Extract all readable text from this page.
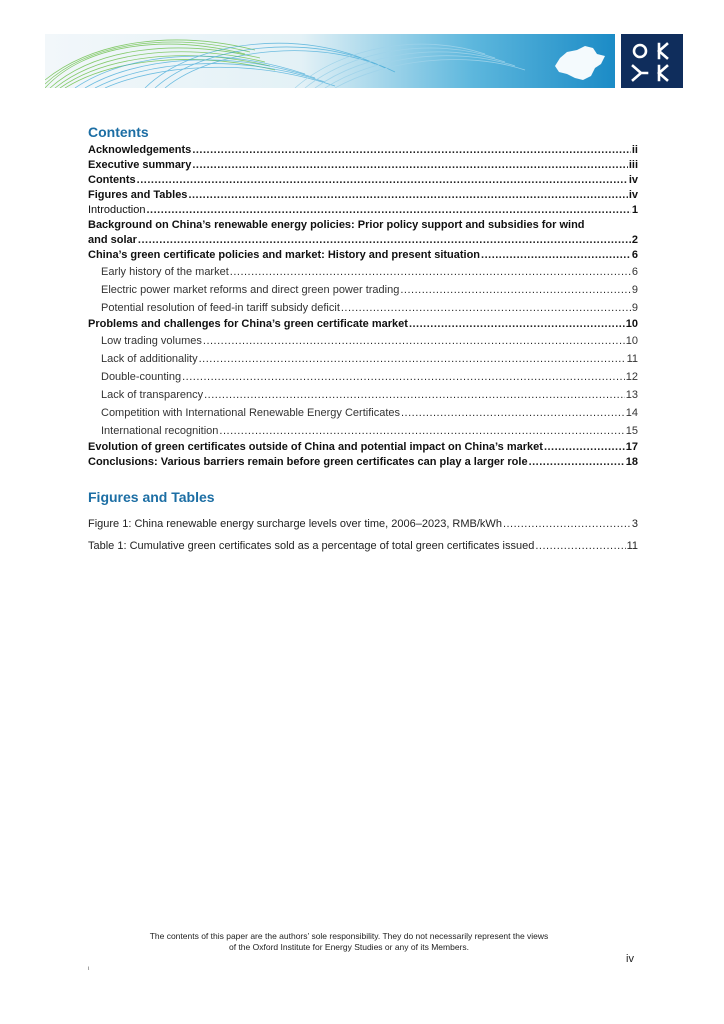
Contents
Acknowledgements .....	ii
Executive summary .....	iii
Contents .....	iv
Figures and Tables .....	iv
Introduction .....	1
Background on China’s renewable energy policies: Prior policy support and subsidies for wind
and solar .....	2
China’s green certificate policies and market: History and present situation .....	6
Early history of the market .....	6
Electric power market reforms and direct green power trading .....	9
Potential resolution of feed-in tariff subsidy deficit .....	9
Problems and challenges for China’s green certificate market .....	10
Low trading volumes .....	10
Lack of additionality .....	11
Double-counting .....	12
Lack of transparency .....	13
Competition with International Renewable Energy Certificates .....	14
International recognition .....	15
Evolution of green certificates outside of China and potential impact on China’s market .....	17
Conclusions: Various barriers remain before green certificates can play a larger role .....	18
Figures and Tables
Figure 1: China renewable energy surcharge levels over time, 2006–2023, RMB/kWh .....	3
Table 1: Cumulative green certificates sold as a percentage of total green certificates issued .....	11
The contents of this paper are the authors’ sole responsibility. They do not necessarily represent the views
of the Oxford Institute for Energy Studies or any of its Members.
iv
ι
